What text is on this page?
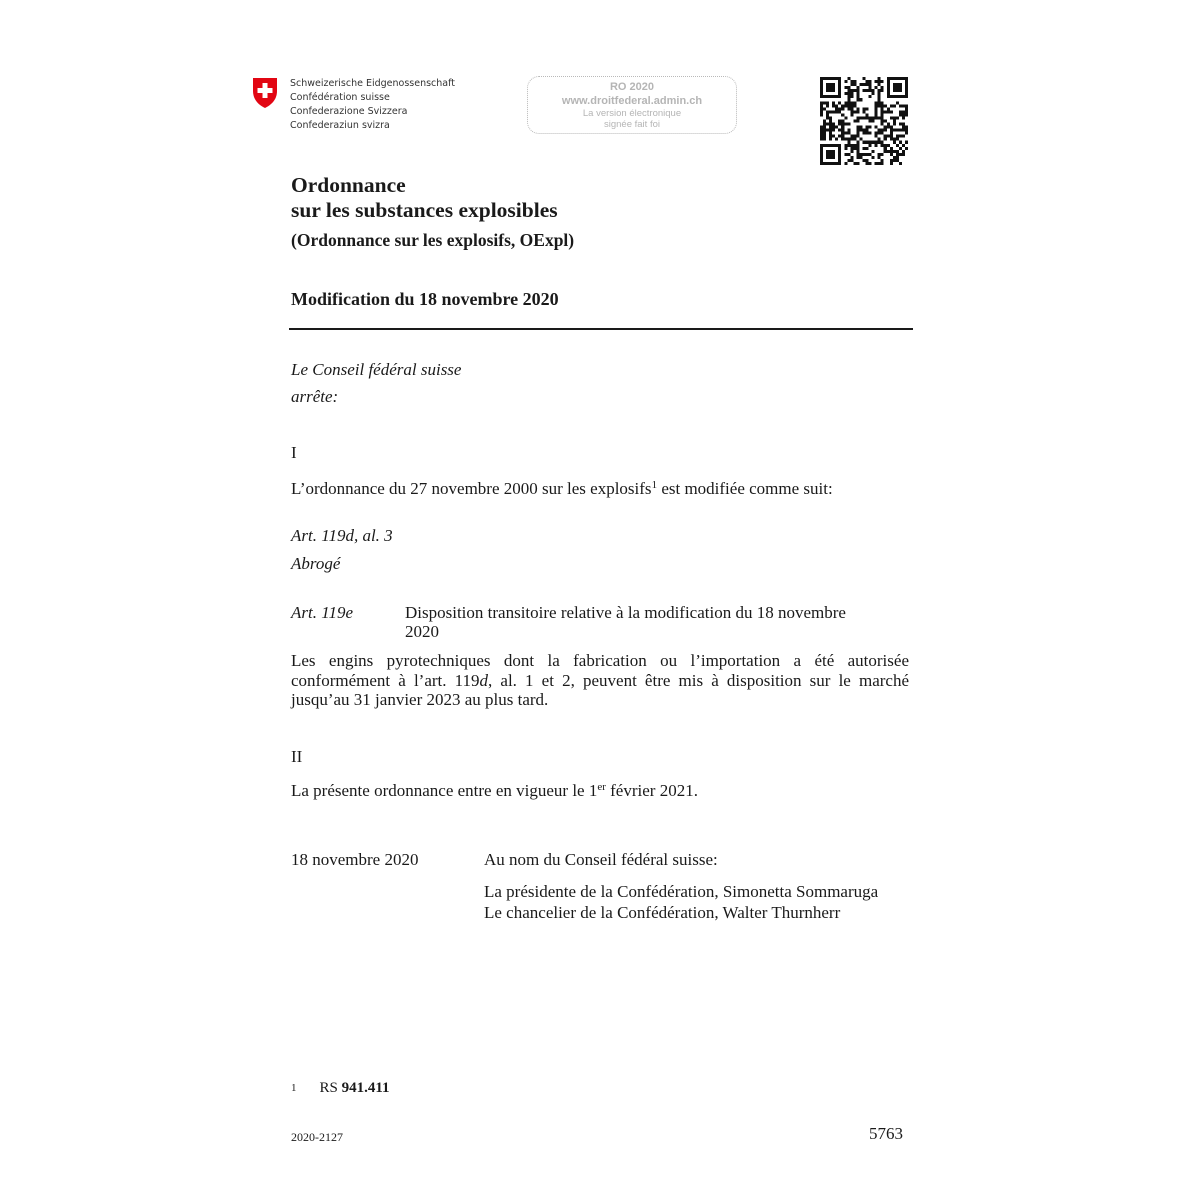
Schweizerische Eidgenossenschaft
Confédération suisse
Confederazione Svizzera
Confederaziun svizra
RO 2020
www.droitfederal.admin.ch
La version électronique
signée fait foi
Ordonnance
sur les substances explosibles
(Ordonnance sur les explosifs, OExpl)
Modification du 18 novembre 2020
Le Conseil fédéral suisse
arrête:
I
L’ordonnance du 27 novembre 2000 sur les explosifs$^1$ est modifiée comme suit:
Art. 119d, al. 3
Abrogé
Art. 119e	Disposition transitoire relative à la modification du 18 novembre
2020
Les engins pyrotechniques dont la fabrication ou l’importation a été autorisée conformément à l’art. 119d, al. 1 et 2, peuvent être mis à disposition sur le marché jusqu’au 31 janvier 2023 au plus tard.
II
La présente ordonnance entre en vigueur le 1er février 2021.
18 novembre 2020	Au nom du Conseil fédéral suisse:
La présidente de la Confédération, Simonetta Sommaruga
Le chancelier de la Confédération, Walter Thurnherr
$^1$ RS 941.411
2020-2127	5763
